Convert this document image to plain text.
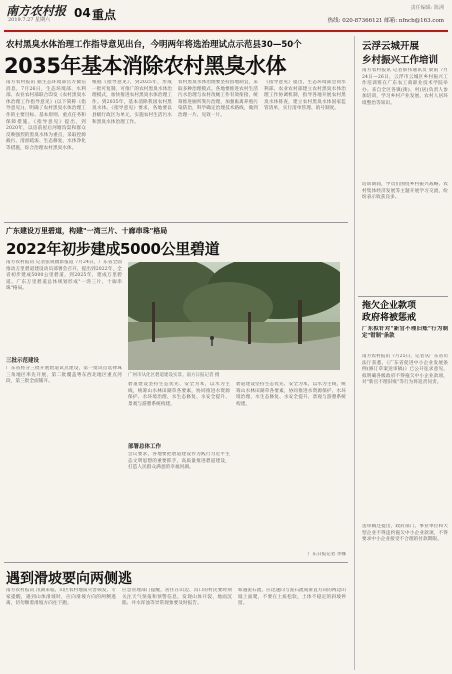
南方农村报
2019.7.27 星期六 04 重点	责任编辑: 陈洲
热线: 020-87366121 邮箱: nfncb@163.com
农村黑臭水体治理工作指导意见出台，今明两年将选治理试点示范县30—50个
2035年基本消除农村黑臭水体
南方农村报讯 据生态环境部官方微信消息，7月26日，生态环境部、水利部、农业农村部联合印发《农村黑臭水体治理工作指导意见》(以下简称《指导意见》)，明确了农村黑臭水体治理工作的主要目标、基本原则、重点任务和保障措施。《指导意见》提出，到2020年，以房前屋后河塘沟渠和群众反映强烈的黑臭水体为重点，采取控源截污、清淤疏浚、生态修复、水体净化等措施，综合治理农村黑臭水体。
根据《指导意见》，到2025年，形成一批可复制、可推广的农村黑臭水体治理模式，加快推进农村黑臭水体治理工作。到2035年，基本消除我国农村黑臭水体。《指导意见》要求，各地要以县级行政区为单元，实施农村生活污水和黑臭水体治理工作。
农村黑臭水体治理要坚持因地制宜，采取多种治理模式。各地要推进农村生活污水治理与农村改厕工作有效衔接，统筹推进厕所粪污治理，加强畜禽养殖污染防治，科学确定治理技术路线，做到治理一片、见效一片。
《指导意见》提出，生态环境部会同水利部、农业农村部建立农村黑臭水体治理工作协调机制，指导各地开展农村黑臭水体排查，建立农村黑臭水体国家监管清单，实行清单管理、销号制度。
广东建设万里碧道，构建"一湾三片、十廊串珠"格局
2022年初步建成5000公里碧道
南方农村报讯 记者张锐摄影报道 7月24日，广东省全面推动万里碧道建设动员部署会召开，提出到2022年，全省初步建成5000公里碧道，到2025年，建成万里碧道。广东万里碧道总体规划形成"一湾三片、十廊串珠"格局。
三批示范建设
广东省将分三批开展碧道试点建设，第一批试点选择珠三角地区率先开展，第二批覆盖粤东西北地区重点河段，第三批全面铺开。
广州市从化区碧道建设实景。南方日报记者 摄
碧道建设坚持生态优先、安全为本，以水为主线，统筹山水林田湖草各要素，协同推进水资源保护、水环境治理、水生态修复、水安全提升、景观与游憩系统构建。
部署总体工作
会议要求，各地要把碧道建设作为践行习近平生态文明思想的重要抓手，高质量推进碧道建设，打造人民群众满意的幸福河湖。
碧道建设坚持生态优先、安全为本，以水为主线，统筹山水林田湖草各要素，协同推进水资源保护、水环境治理、水生态修复、水安全提升、景观与游憩系统构建。
广东日报记者 李娜
遇到滑坡要向两侧逃
南方农村报讯 汛期来临，山区农村地质灾害频发。专家提醒，遇到山体滑坡时，应向滑坡方向的两侧逃离，切勿顺着滑坡方向往下跑。
应急管理部门提醒，居住在山边、沟口的村民要时刻关注天气预报和预警信息，发现山体开裂、地面沉陷、井水浑浊等异常现象要及时报告。
如遇泥石流，应迅速向与泥石流成垂直方向的两边山坡上面爬，不要在土质松软、土体不稳定的斜坡停留。
云浮云城开展
乡村振兴工作培训
南方农村报讯 记者蔡伟通讯员 梁雨 7月24日—26日，云浮市云城区乡村振兴工作培训班在广东农工商职业技术学院举办。来自全区各镇(街)、村(居)负责人参加培训，学习乡村产业发展、农村人居环境整治等知识。
培训期间，学员们围绕乡村振兴战略、农村集体经济发展等主题开展学习交流，纷纷表示收获良多。
拖欠企业款项
政府将被惩戒
广东拟针对"新官不理旧账"行为制定"钳制"条款
南方农村报讯 7月25日，记者从广东省司法厅获悉，《广东省促进中小企业发展条例(修订草案送审稿)》已公开征求意见，拟明确各级政府不得拖欠中小企业款项，对"新官不理旧账"等行为将追责问责。
送审稿还提出，政府部门、事业单位和大型企业不得违约拖欠中小企业款项，不得要求中小企业接受不合理的付款期限。
